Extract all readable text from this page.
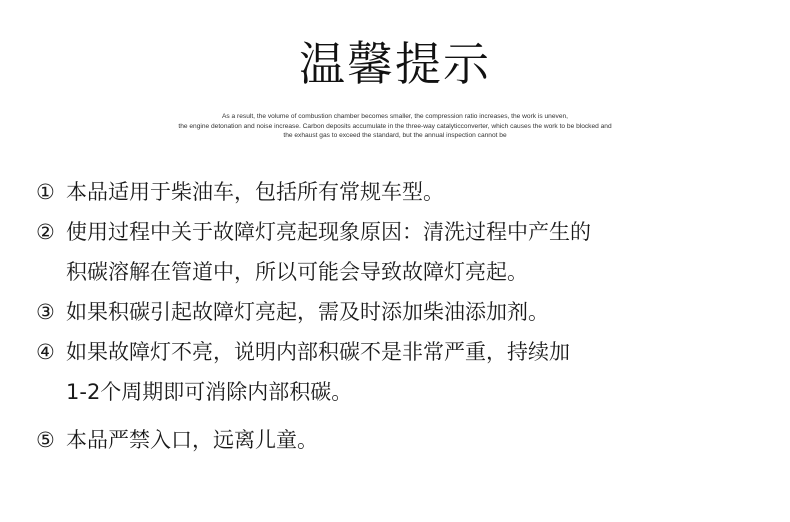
温馨提示
As a result, the volume of combustion chamber becomes smaller, the compression ratio increases, the work is uneven,
the engine detonation and noise increase. Carbon deposits accumulate in the three-way catalyticconverter, which causes the work to be blocked and
the exhaust gas to exceed the standard, but the annual inspection cannot be
① 本品适用于柴油车，包括所有常规车型。
② 使用过程中关于故障灯亮起现象原因：清洗过程中产生的
积碳溶解在管道中，所以可能会导致故障灯亮起。
③ 如果积碳引起故障灯亮起，需及时添加柴油添加剂。
④ 如果故障灯不亮，说明内部积碳不是非常严重，持续加
1-2个周期即可消除内部积碳。
⑤ 本品严禁入口，远离儿童。
